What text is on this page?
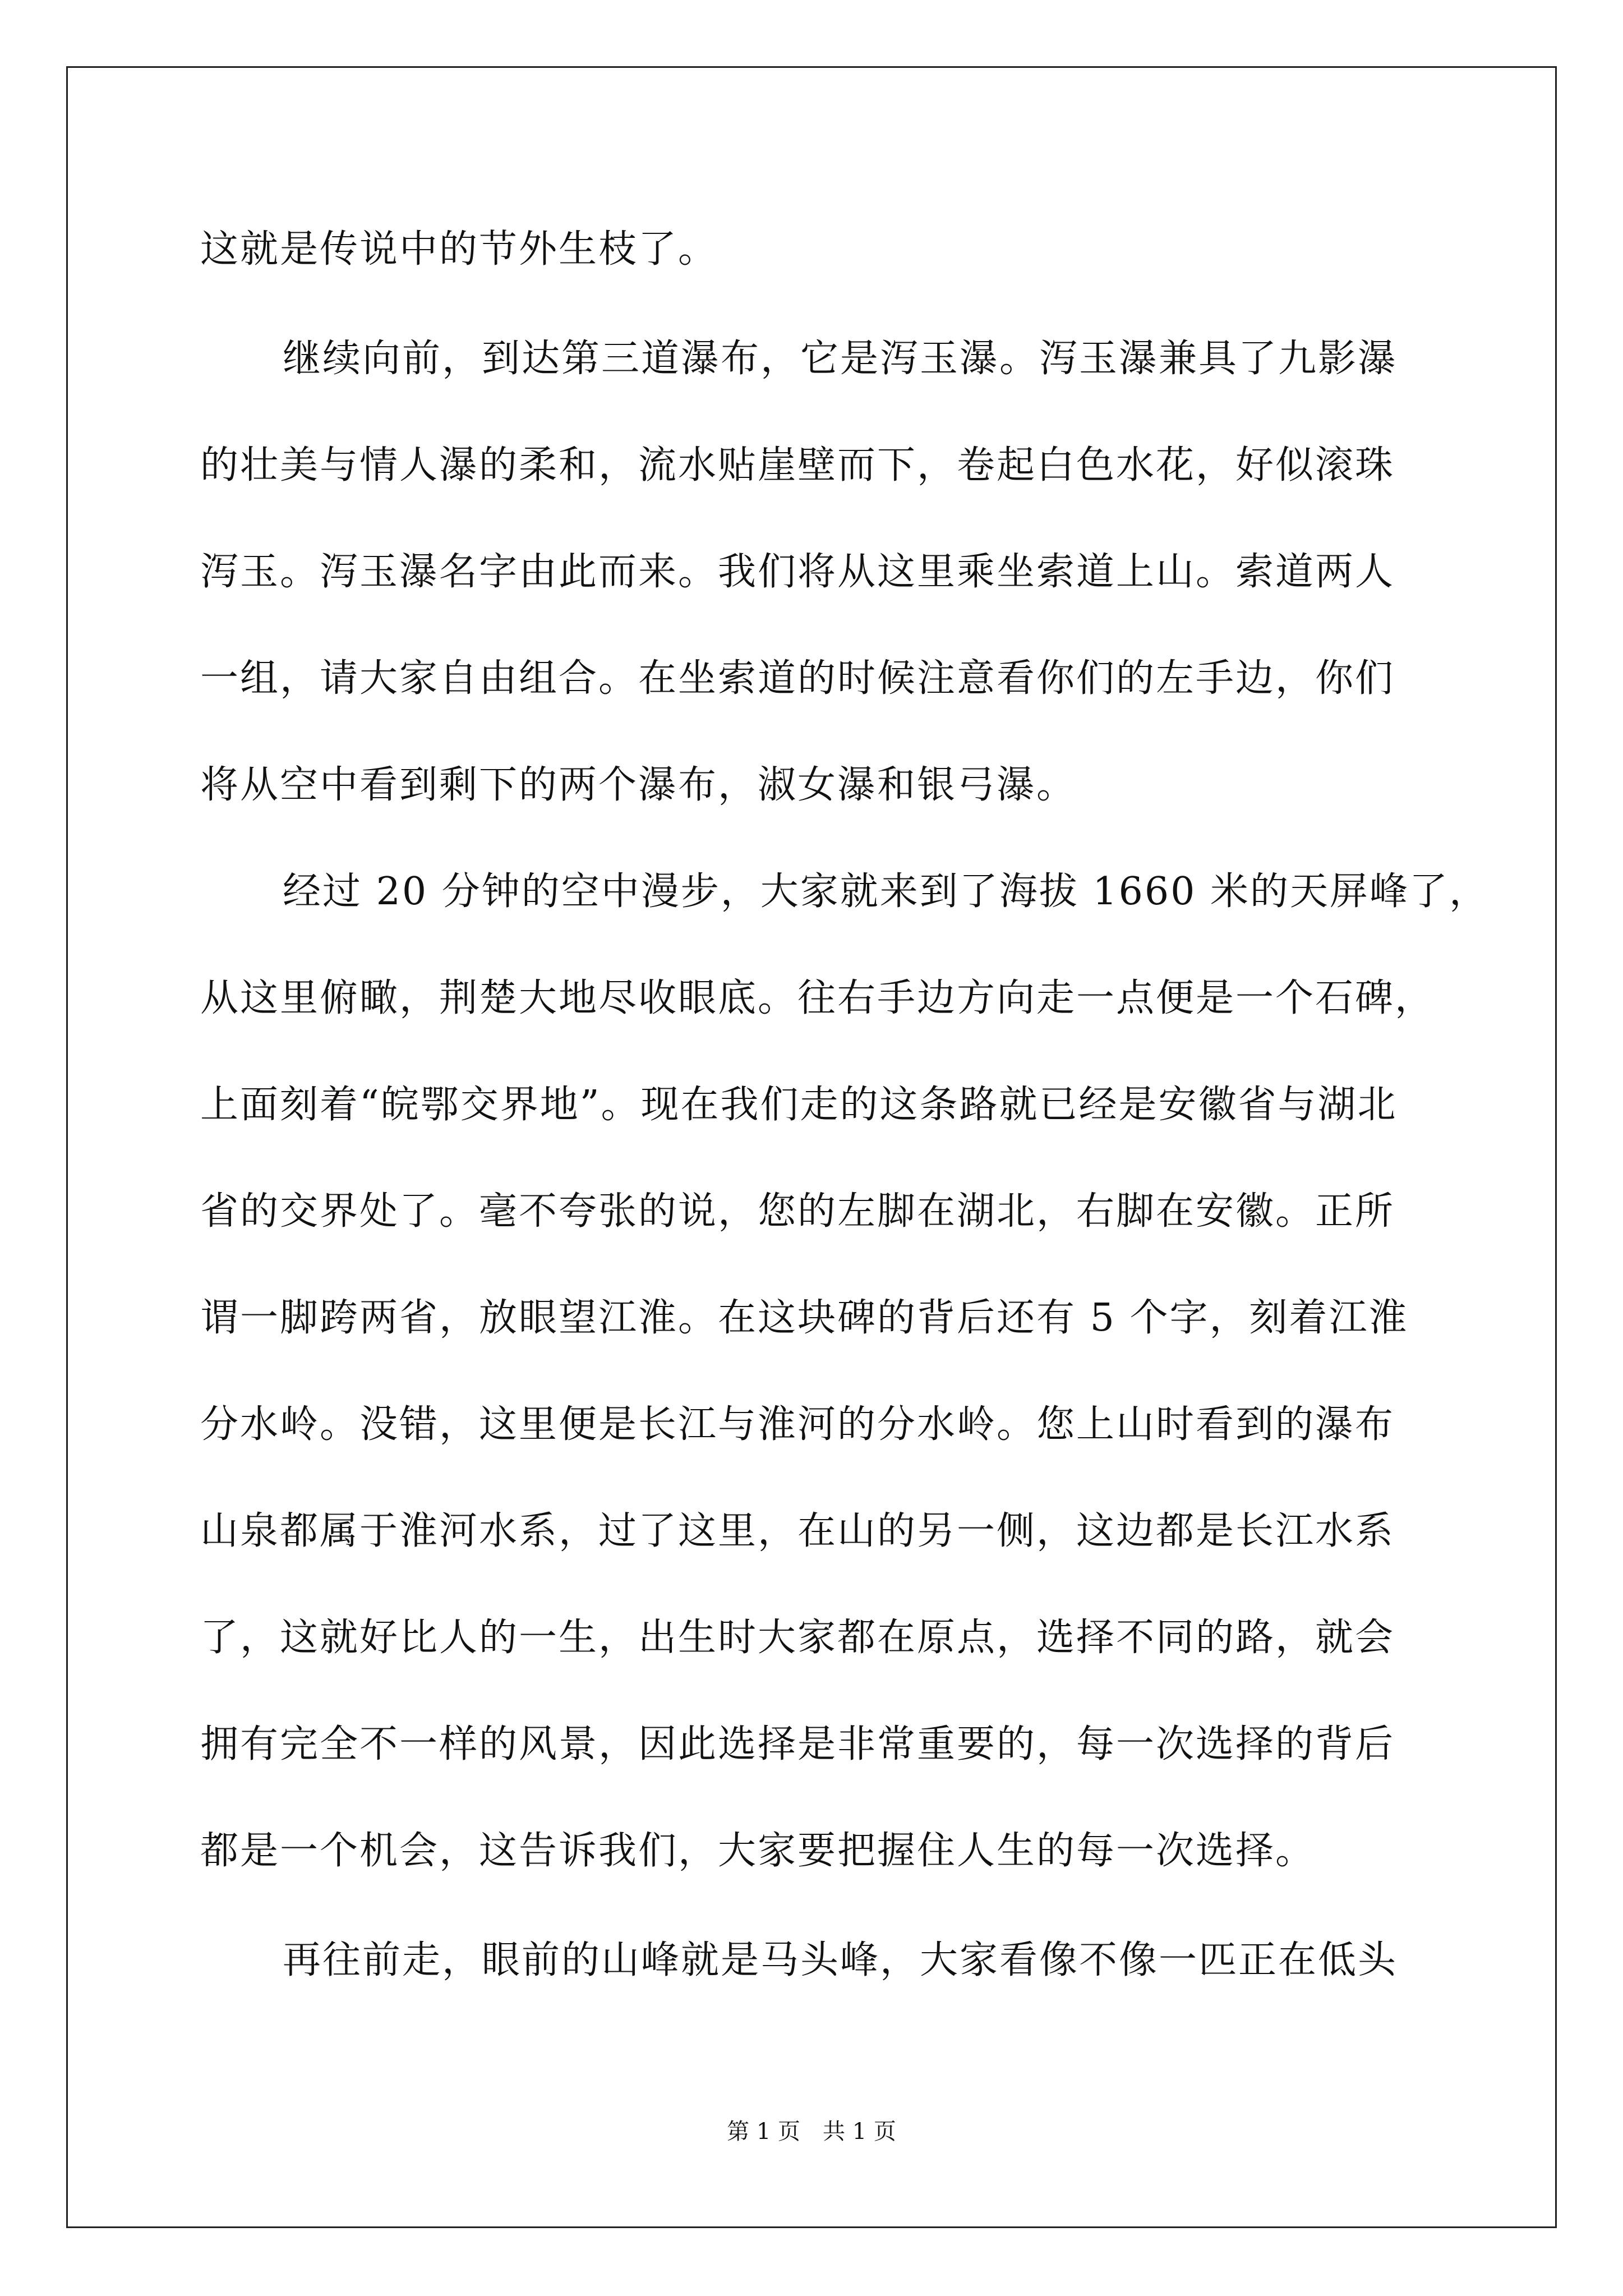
这就是传说中的节外生枝了。
继续向前，到达第三道瀑布，它是泻玉瀑。泻玉瀑兼具了九影瀑
的壮美与情人瀑的柔和，流水贴崖壁而下，卷起白色水花，好似滚珠
泻玉。泻玉瀑名字由此而来。我们将从这里乘坐索道上山。索道两人
一组，请大家自由组合。在坐索道的时候注意看你们的左手边，你们
将从空中看到剩下的两个瀑布，淑女瀑和银弓瀑。
经过 20 分钟的空中漫步，大家就来到了海拔 1660 米的天屏峰了，
从这里俯瞰，荆楚大地尽收眼底。往右手边方向走一点便是一个石碑，
上面刻着“皖鄂交界地”。现在我们走的这条路就已经是安徽省与湖北
省的交界处了。毫不夸张的说，您的左脚在湖北，右脚在安徽。正所
谓一脚跨两省，放眼望江淮。在这块碑的背后还有 5 个字，刻着江淮
分水岭。没错，这里便是长江与淮河的分水岭。您上山时看到的瀑布
山泉都属于淮河水系，过了这里，在山的另一侧，这边都是长江水系
了，这就好比人的一生，出生时大家都在原点，选择不同的路，就会
拥有完全不一样的风景，因此选择是非常重要的，每一次选择的背后
都是一个机会，这告诉我们，大家要把握住人生的每一次选择。
再往前走，眼前的山峰就是马头峰，大家看像不像一匹正在低头
第 1 页 共 1 页
